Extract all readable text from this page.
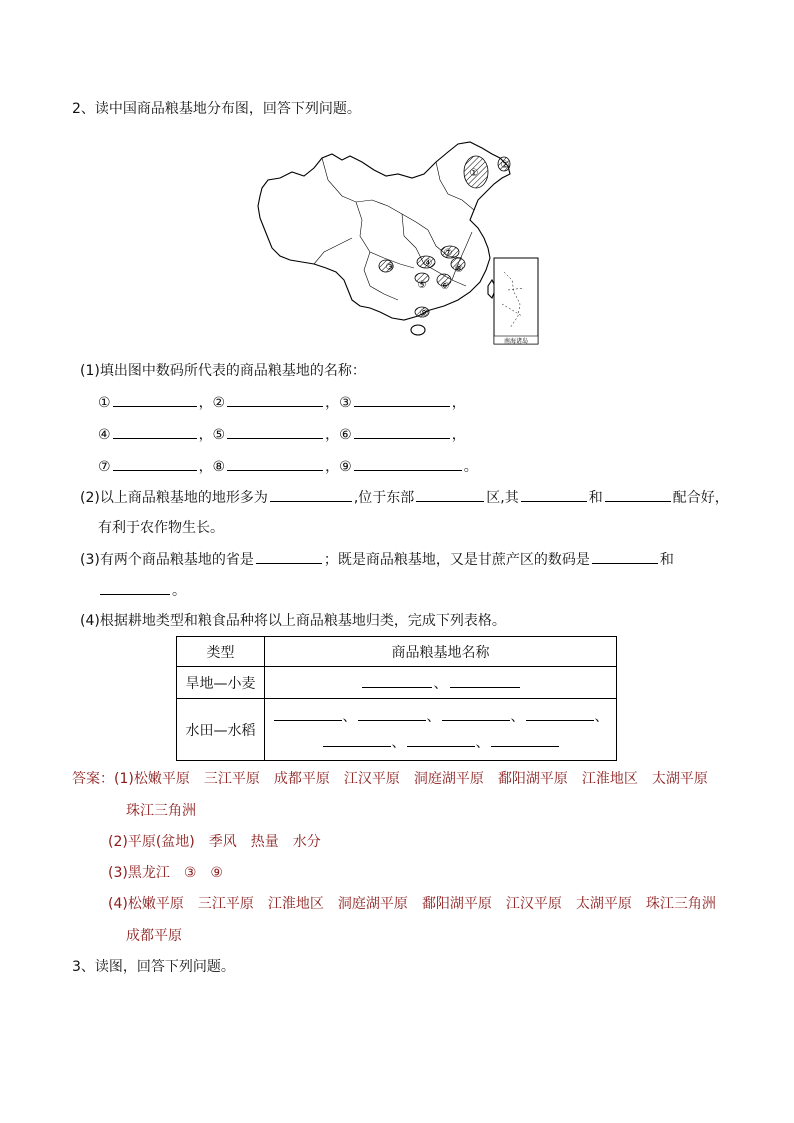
2、读中国商品粮基地分布图，回答下列问题。
①
②
③	④
⑤ ⑥
⑦
⑧
⑨
南海诸岛
(1)填出图中数码所代表的商品粮基地的名称：
①	，②	，③	，
④	，⑤	，⑥	，
⑦	，⑧	，⑨	。
(2)以上商品粮基地的地形多为	,位于东部	区,其	和	配合好，
有利于农作物生长。
(3)有两个商品粮基地的省是	；既是商品粮基地，又是甘蔗产区的数码是	和
。
(4)根据耕地类型和粮食品种将以上商品粮基地归类，完成下列表格。
类型	商品粮基地名称
旱地—小麦	、
水田—水稻	、 、 、 、
、 、
答案：(1)松嫩平原 三江平原 成都平原 江汉平原 洞庭湖平原 鄱阳湖平原 江淮地区 太湖平原
珠江三角洲
(2)平原(盆地) 季风 热量 水分
(3)黑龙江 ③ ⑨
(4)松嫩平原 三江平原 江淮地区 洞庭湖平原 鄱阳湖平原 江汉平原 太湖平原 珠江三角洲
成都平原
3、读图，回答下列问题。
